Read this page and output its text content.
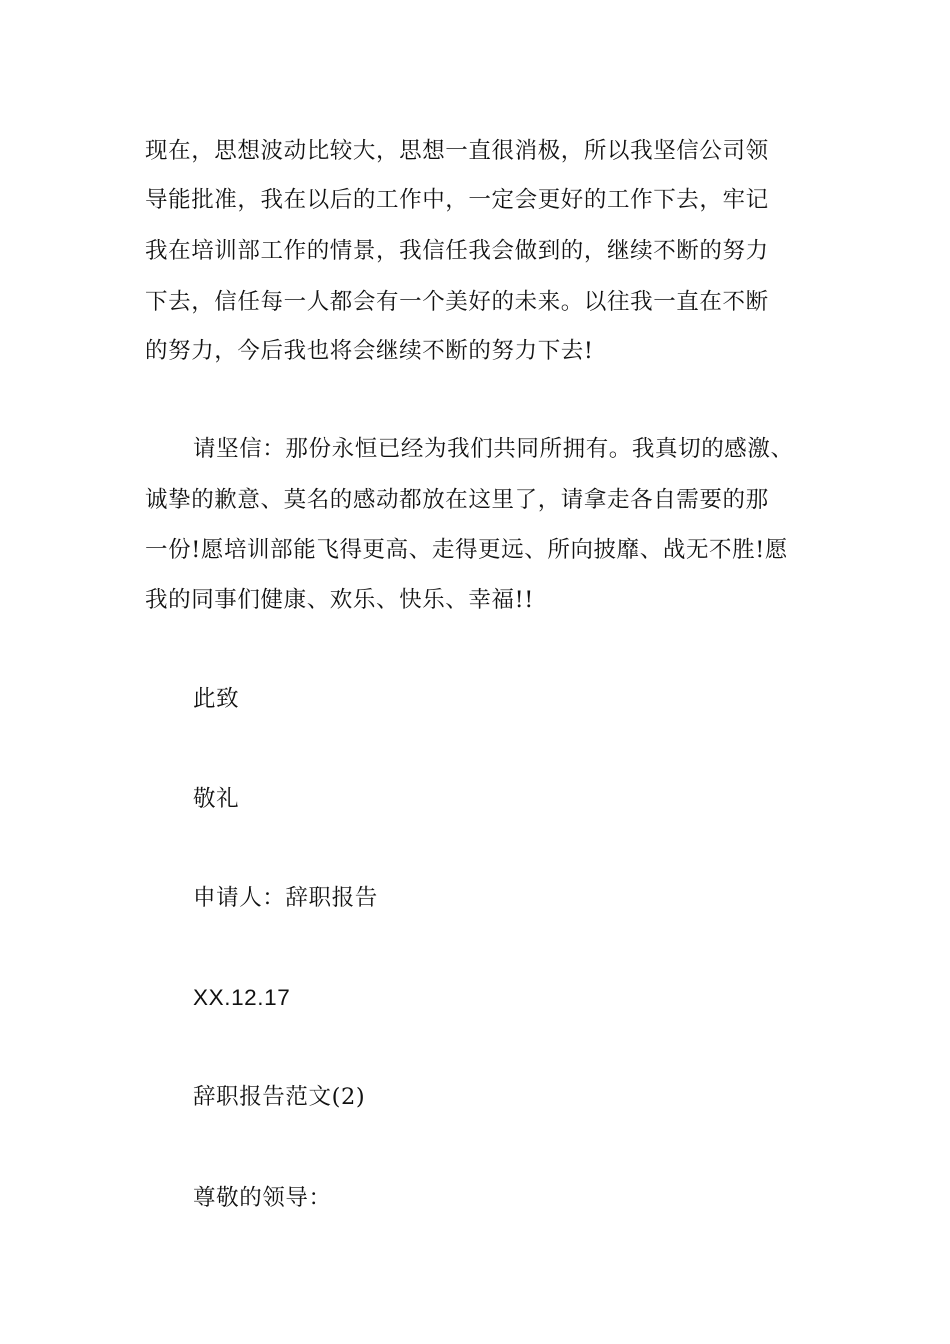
现在，思想波动比较大，思想一直很消极，所以我坚信公司领
导能批准，我在以后的工作中，一定会更好的工作下去，牢记
我在培训部工作的情景，我信任我会做到的，继续不断的努力
下去，信任每一人都会有一个美好的未来。以往我一直在不断
的努力，今后我也将会继续不断的努力下去!
请坚信：那份永恒已经为我们共同所拥有。我真切的感激、
诚挚的歉意、莫名的感动都放在这里了，请拿走各自需要的那
一份!愿培训部能飞得更高、走得更远、所向披靡、战无不胜!愿
我的同事们健康、欢乐、快乐、幸福!!
此致
敬礼
申请人：辞职报告
XX.12.17
辞职报告范文(2)
尊敬的领导：
